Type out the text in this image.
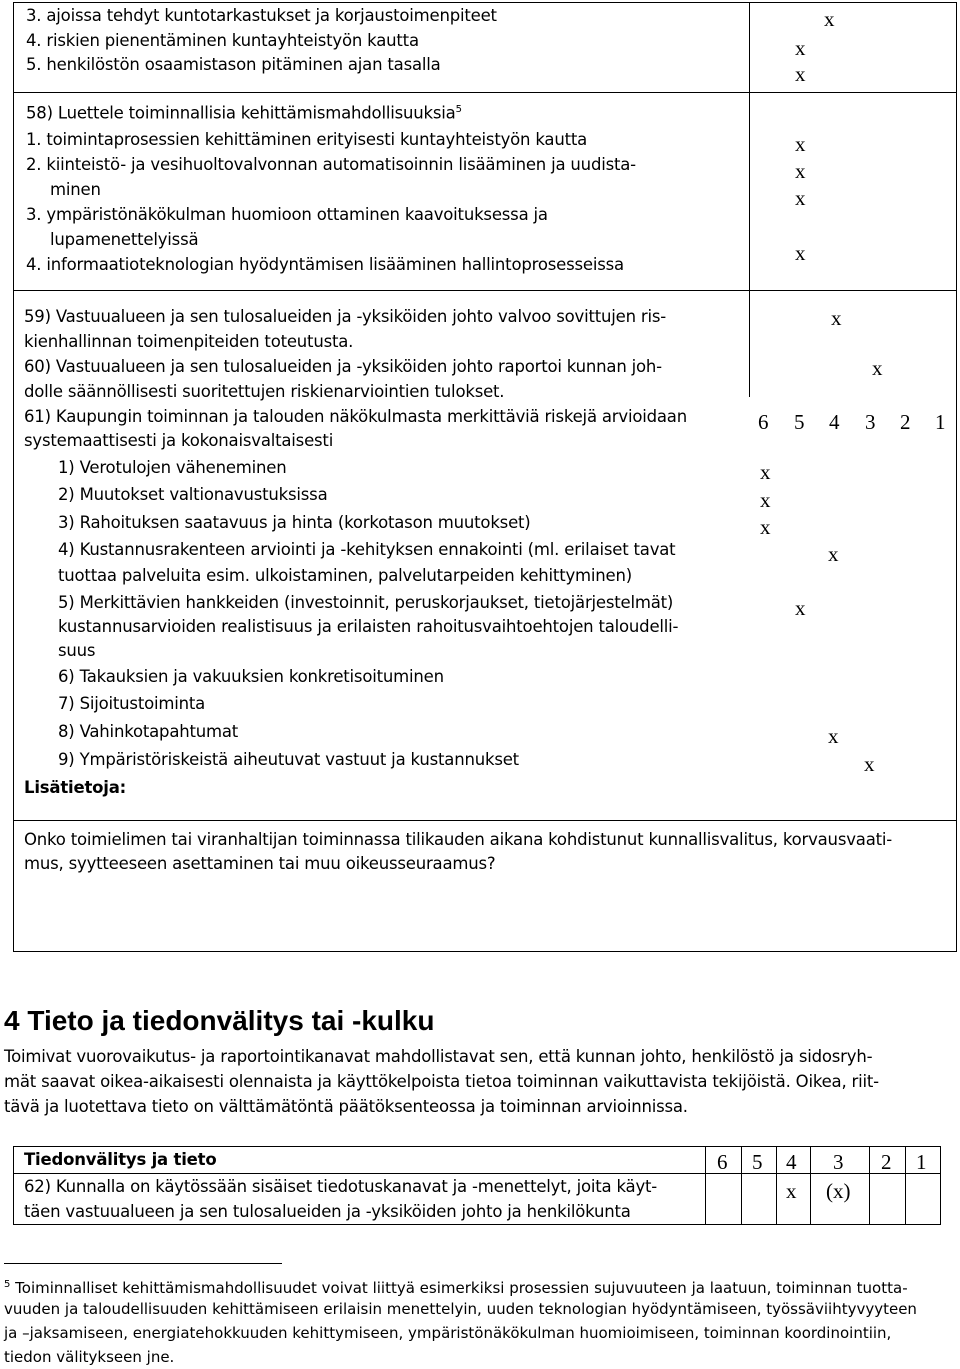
3. ajoissa tehdyt kuntotarkastukset ja korjaustoimenpiteet
4. riskien pienentäminen kuntayhteistyön kautta
5. henkilöstön osaamistason pitäminen ajan tasalla
x
x
x
58) Luettele toiminnallisia kehittämismahdollisuuksia$^5$
1. toimintaprosessien kehittäminen erityisesti kuntayhteistyön kautta
2. kiinteistö- ja vesihuoltovalvonnan automatisoinnin lisääminen ja uudista-
minen
3. ympäristönäkökulman huomioon ottaminen kaavoituksessa ja
lupamenettelyissä
4. informaatioteknologian hyödyntämisen lisääminen hallintoprosesseissa
x
x
x
x
59) Vastuualueen ja sen tulosalueiden ja -yksiköiden johto valvoo sovittujen ris-
kienhallinnan toimenpiteiden toteutusta.
x
60) Vastuualueen ja sen tulosalueiden ja -yksiköiden johto raportoi kunnan joh-
dolle säännöllisesti suoritettujen riskienarviointien tulokset.
x
61) Kaupungin toiminnan ja talouden näkökulmasta merkittäviä riskejä arvioidaan
systemaattisesti ja kokonaisvaltaisesti
6 5 4 3 2 1
1) Verotulojen väheneminen
2) Muutokset valtionavustuksissa
3) Rahoituksen saatavuus ja hinta (korkotason muutokset)
4) Kustannusrakenteen arviointi ja -kehityksen ennakointi (ml. erilaiset tavat
tuottaa palveluita esim. ulkoistaminen, palvelutarpeiden kehittyminen)
5) Merkittävien hankkeiden (investoinnit, peruskorjaukset, tietojärjestelmät)
kustannusarvioiden realistisuus ja erilaisten rahoitusvaihtoehtojen taloudelli-
suus
6) Takauksien ja vakuuksien konkretisoituminen
7) Sijoitustoiminta
8) Vahinkotapahtumat
9) Ympäristöriskeistä aiheutuvat vastuut ja kustannukset
x
x
x
x
x
x
x
Lisätietoja:
Onko toimielimen tai viranhaltijan toiminnassa tilikauden aikana kohdistunut kunnallisvalitus, korvausvaati-
mus, syytteeseen asettaminen tai muu oikeusseuraamus?
4 Tieto ja tiedonvälitys tai -kulku
Toimivat vuorovaikutus- ja raportointikanavat mahdollistavat sen, että kunnan johto, henkilöstö ja sidosryh-
mät saavat oikea-aikaisesti olennaista ja käyttökelpoista tietoa toiminnan vaikuttavista tekijöistä. Oikea, riit-
tävä ja luotettava tieto on välttämätöntä päätöksenteossa ja toiminnan arvioinnissa.
Tiedonvälitys ja tieto	6 5 4 3 2 1
62) Kunnalla on käytössään sisäiset tiedotuskanavat ja -menettelyt, joita käyt-
täen vastuualueen ja sen tulosalueiden ja -yksiköiden johto ja henkilökunta
x (x)
$^5$ Toiminnalliset kehittämismahdollisuudet voivat liittyä esimerkiksi prosessien sujuvuuteen ja laatuun, toiminnan tuotta-
vuuden ja taloudellisuuden kehittämiseen erilaisin menettelyin, uuden teknologian hyödyntämiseen, työssäviihtyvyyteen
ja –jaksamiseen, energiatehokkuuden kehittymiseen, ympäristönäkökulman huomioimiseen, toiminnan koordinointiin,
tiedon välitykseen jne.
